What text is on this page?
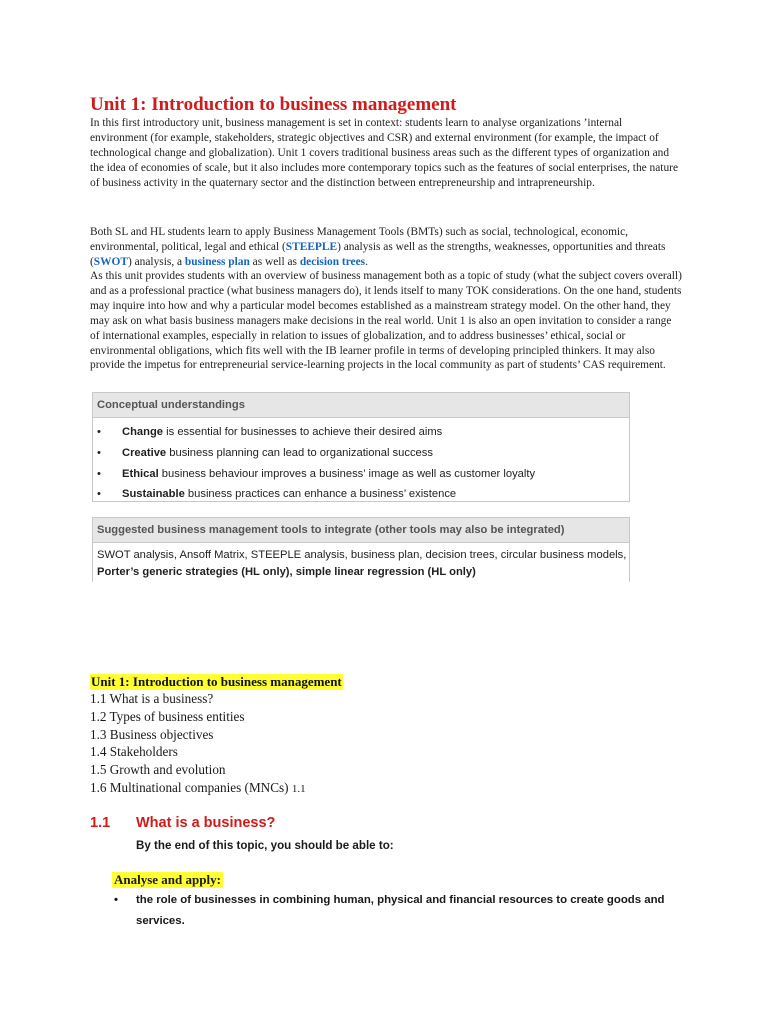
Unit 1: Introduction to business management

In this first introductory unit, business management is set in context: students learn to analyse organizations ’internal environment (for example, stakeholders, strategic objectives and CSR) and external environment (for example, the impact of technological change and globalization). Unit 1 covers traditional business areas such as the different types of organization and the idea of economies of scale, but it also includes more contemporary topics such as the features of social enterprises, the nature of business activity in the quaternary sector and the distinction between entrepreneurship and intrapreneurship.

Both SL and HL students learn to apply Business Management Tools (BMTs) such as social, technological, economic, environmental, political, legal and ethical (STEEPLE) analysis as well as the strengths, weaknesses, opportunities and threats (SWOT) analysis, a business plan as well as decision trees.

As this unit provides students with an overview of business management both as a topic of study (what the subject covers overall) and as a professional practice (what business managers do), it lends itself to many TOK considerations. On the one hand, students may inquire into how and why a particular model becomes established as a mainstream strategy model. On the other hand, they may ask on what basis business managers make decisions in the real world. Unit 1 is also an open invitation to consider a range of international examples, especially in relation to issues of globalization, and to address businesses’ ethical, social or environmental obligations, which fits well with the IB learner profile in terms of developing principled thinkers. It may also provide the impetus for entrepreneurial service-learning projects in the local community as part of students’ CAS requirement.

Conceptual understandings
• Change is essential for businesses to achieve their desired aims
• Creative business planning can lead to organizational success
• Ethical business behaviour improves a business’ image as well as customer loyalty
• Sustainable business practices can enhance a business’ existence
Suggested business management tools to integrate (other tools may also be integrated)
SWOT analysis, Ansoff Matrix, STEEPLE analysis, business plan, decision trees, circular business models,
Porter’s generic strategies (HL only), simple linear regression (HL only)
Unit 1: Introduction to business management
1.1 What is a business?
1.2 Types of business entities
1.3 Business objectives
1.4 Stakeholders
1.5 Growth and evolution
1.6 Multinational companies (MNCs) 1.1
1.1 What is a business?
By the end of this topic, you should be able to:
Analyse and apply:
• the role of businesses in combining human, physical and financial resources to create goods and services.
